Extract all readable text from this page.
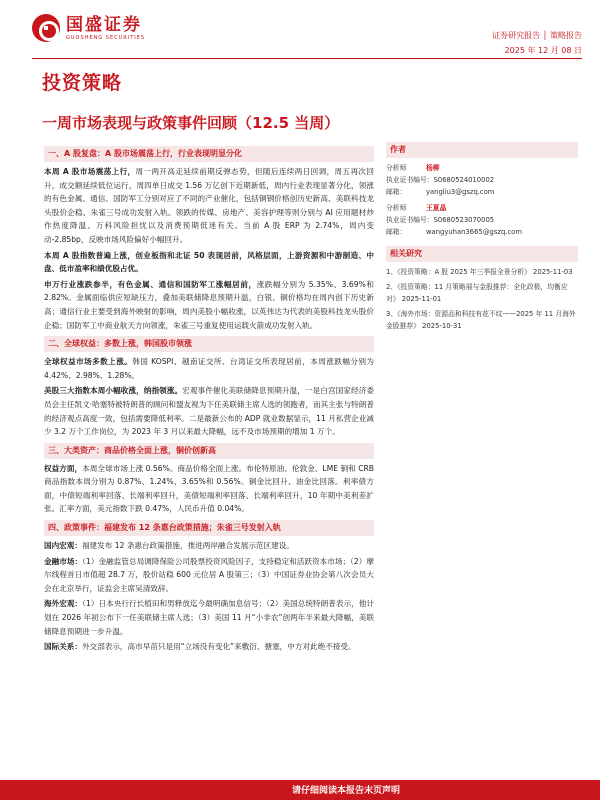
国盛证券
GUOSHENG SECURITIES	证券研究报告 │ 策略报告
2025 年 12 月 08 日
投资策略
一周市场表现与政策事件回顾（12.5 当周）
一、A 股复盘：A 股市场震荡上行，行业表现明显分化
本周 A 股市场震荡上行，周一两开高走延续前期反弹态势，但随后连续两日回调，周五再次回升，成交额延续低位运行，周四单日成交 1.56 万亿创下近期新低，周内行业表现显著分化，领涨的有色金属、通信、国防军工分别对应了不同的产业催化，包括铜钢价格创历史新高、美联科技龙头股价企稳、朱雀三号成功发射入轨。领跌的传媒、房地产、美容护理等则分别与 AI 应用题材炒作热度降温、万科风险担忧以及消费预期低迷有关。当前 A 股 ERP 为 2.74%，周内变动-2.85bp，反映市场风险偏好小幅回升。
本周 A 股指数普遍上涨，创业板指和北证 50 表现居前，风格层面，上游资源和中游制造、中盘、低市盈率和绩优股占优。
申万行业涨跌参半，有色金属、通信和国防军工涨幅居前，涨跌幅分别为 5.35%、3.69%和 2.82%。金属面临供应短缺压力，叠加美联储降息预期升温，白银、铜价格均在周内创下历史新高；通信行业主要受到海外映射的影响，周内美股小幅收涨，以英伟达为代表的美股科技龙头股价企稳；国防军工中商业航天方向领涨，朱雀三号重复使用运载火箭成功发射入轨。
二、全球权益：多数上涨，韩国股市领涨
全球权益市场多数上涨。韩国 KOSPI、越南证交所、台湾证交所表现居前，本周涨跌幅分别为 4.42%、2.98%、1.28%。
美股三大指数本周小幅收涨，纳指领涨。宏观事件催化美联储降息预期升温，一是白宫国家经济委员会主任凯文·哈塞特被特朗普的顾问和盟友视为下任美联储主席人选的领跑者，而其主张与特朗普的经济观点高度一致，包括需要降低利率。二是最新公布的 ADP 就业数据显示，11 月私营企业减少 3.2 万个工作岗位，为 2023 年 3 月以来最大降幅，远不及市场预期的增加 1 万个。
三、大类资产：商品价格全面上涨，铜价创新高
权益方面，本周全球市场上涨 0.56%。商品价格全面上涨。布伦特原油、伦敦金、LME 铜和 CRB 商品指数本周分别为 0.87%、1.24%、3.65%和 0.56%。铜金比回升、油金比回落。利率债方面，中债短端利率回落、长端利率回升，美债短端利率回落、长端利率回升，10 年期中美利差扩张。汇率方面，美元指数下跌 0.47%，人民币升值 0.04%。
四、政策事件：福建发布 12 条惠台政策措施；朱雀三号发射入轨
国内宏观：福建发布 12 条惠台政策措施，推进两岸融合发展示范区建设。
金融市场：（1）金融监管总局调降保险公司股票投资风险因子，支持稳定和活跃资本市场；（2）摩尔线程首日市值超 28.7 万，股价站稳 600 元位居 A 股第三；（3）中国证券业协会第八次会员大会在北京举行，证监会主席吴清致辞。
海外宏观：（1）日本央行行长植田和男释放迄今最明确加息信号；（2）美国总统特朗普表示，他计划在 2026 年初公布下一任美联储主席人选；（3）美国 11 月“小非农”创两年半来最大降幅，美联储降息预期进一步升温。
国际关系：外交部表示，高市早苗只是用“立场没有变化”来敷衍、搪塞，中方对此绝不接受。
作者
分析师	杨柳
执业证书编号： S0680524010002
邮箱：	yangliu3@gszq.com
分析师	王夏晶
执业证书编号： S0680523070005
邮箱：	wangyuhan3665@gszq.com
相关研究
1、《投资策略：A 股 2025 年三季报全景分析》 2025-11-03
2、《投资策略：11 月策略展与金股推荐：全化政极，均衡应对》 2025-11-01
3、《海外市场：资源品和科技有花不纹——2025 年 11 月海外金股推荐》 2025-10-31
请仔细阅读本报告末页声明
